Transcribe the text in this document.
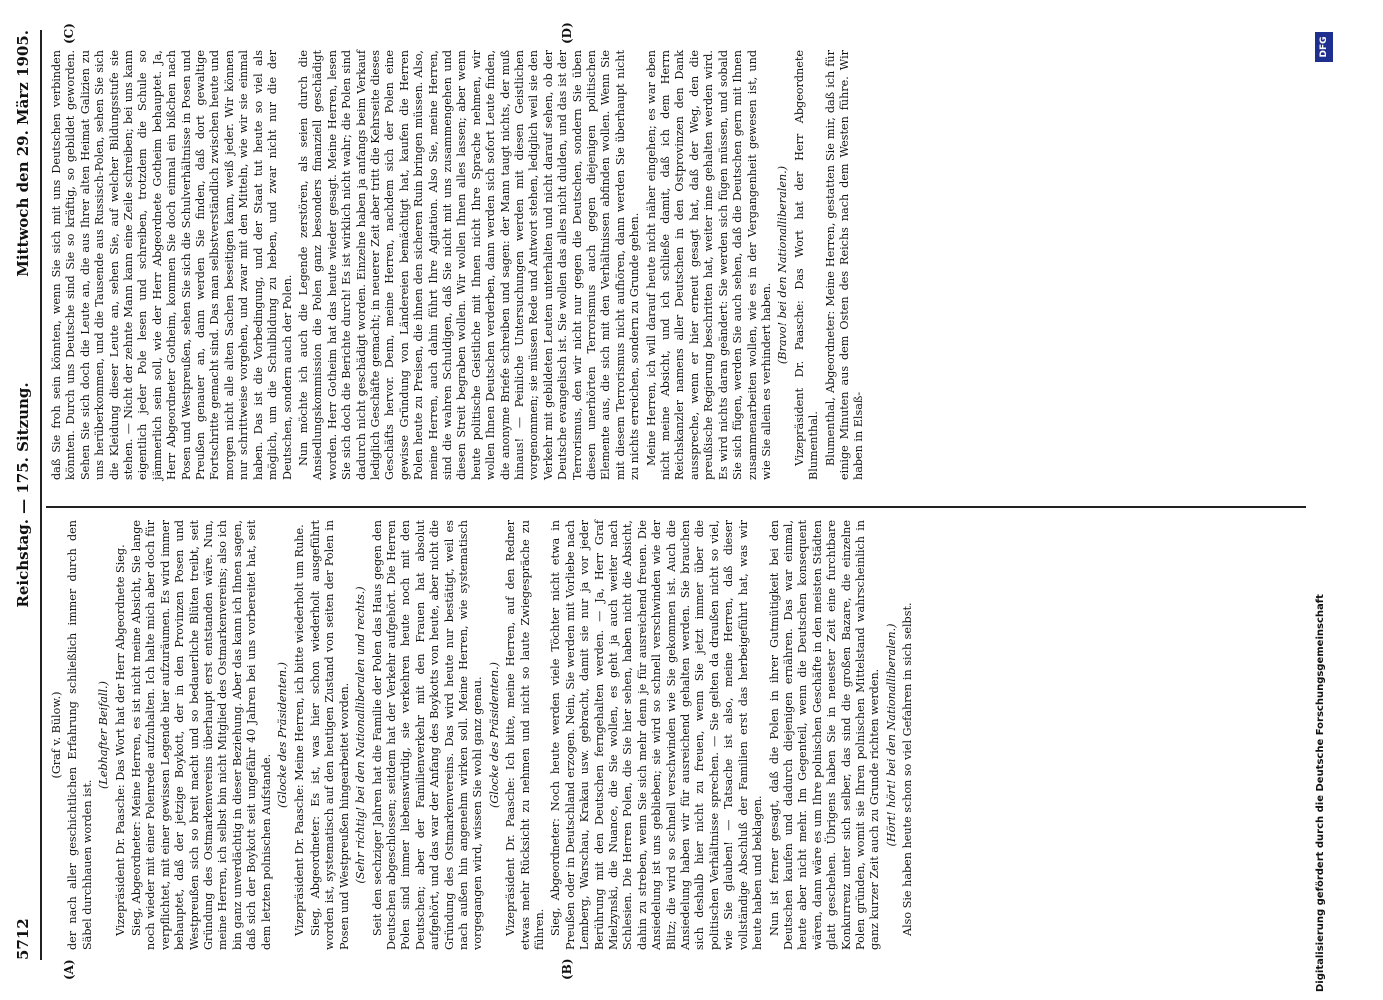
5712
Reichstag. — 175. Sitzung.
Mittwoch den 29. März 1905.
(A)	(B)
(C)	(D)

(Graf v. Bülow.) der nach aller geschichtlichen Erfahrung schließlich immer durch den Säbel durchhauen worden ist.

(Lebhafter Beifall.) Vizepräsident Dr. Paasche: Das Wort hat der Herr Abgeordnete Sieg. Sieg, Abgeordneter: Meine Herren, es ist nicht meine Absicht, Sie lange noch wieder mit einer Polenrede aufzuhalten. Ich halte mich aber doch für verpflichtet, mit einer gewissen Legende hier aufzuräumen. Es wird immer behauptet, daß der jetzige Boykott, der in den Provinzen Posen und Westpreußen sich so breit macht und so bedauerliche Blüten treibt, seit Gründung des Ostmarkenvereins überhaupt erst entstanden wäre. Nun, meine Herren, ich selbst bin nicht Mitglied des Ostmarkenvereins; also ich bin ganz unverdächtig in dieser Beziehung. Aber das kann ich Ihnen sagen, daß sich der Boykott seit ungefähr 40 Jahren bei uns vorbereitet hat, seit dem letzten polnischen Aufstande.

(Glocke des Präsidenten.) Vizepräsident Dr. Paasche: Meine Herren, ich bitte wiederholt um Ruhe. Sieg, Abgeordneter: Es ist, was hier schon wiederholt ausgeführt worden ist, systematisch auf den heutigen Zustand von seiten der Polen in Posen und Westpreußen hingearbeitet worden. (Sehr richtig! bei den Nationalliberalen und rechts.) Seit den sechziger Jahren hat die Familie der Polen das Haus gegen den Deutschen abgeschlossen; seitdem hat der Verkehr aufgehört. Die Herren Polen sind immer liebenswürdig, sie verkehren heute noch mit den Deutschen; aber der Familienverkehr mit den Frauen hat absolut aufgehört, und das war der Anfang des Boykotts von heute, aber nicht die Gründung des Ostmarkenvereins. Das wird heute nur bestätigt, weil es nach außen hin angenehm wirken soll. Meine Herren, wie systematisch vorgegangen wird, wissen Sie wohl ganz genau. (Glocke des Präsidenten.) Vizepräsident Dr. Paasche: Ich bitte, meine Herren, auf den Redner etwas mehr Rücksicht zu nehmen und nicht so laute Zwiegespräche zu führen. Sieg, Abgeordneter: Noch heute werden viele Töchter nicht etwa in Preußen oder in Deutschland erzogen. Nein, Sie werden mit Vorliebe nach Lemberg, Warschau, Krakau usw. gebracht, damit sie nur ja vor jeder Berührung mit den Deutschen ferngehalten werden. — Ja, Herr Graf Mielzynski, die Nuance, die Sie wollen, es geht ja auch weiter nach Schlesien. Die Herren Polen, die Sie hier sehen, haben nicht die Absicht, dahin zu streben, wenn Sie sich mehr denn je für ausreichend freuen. Die Ansiedelung ist uns geblieben; sie wird so schnell verschwinden wie der Blitz; die wird so schnell verschwinden wie Sie gekommen ist. Auch die Ansiedelung haben wir für ausreichend gehalten werden. Sie brauchen sich deshalb hier nicht zu freuen, wenn Sie jetzt immer über die politischen Verhältnisse sprechen. — Sie gelten da draußen nicht so viel, wie Sie glauben! — Tatsache ist also, meine Herren, daß dieser vollständige Abschluß der Familien erst das herbeigeführt hat, was wir heute haben und beklagen. Nun ist ferner gesagt, daß die Polen in ihrer Gutmütigkeit bei den Deutschen kaufen und dadurch diejenigen ernähren. Das war einmal, heute aber nicht mehr. Im Gegenteil, wenn die Deutschen konsequent wären, dann wäre es um Ihre polnischen Geschäfte in den meisten Städten glatt geschehen. Übrigens haben Sie in neuester Zeit eine furchtbare Konkurrenz unter sich selber, das sind die großen Bazare, die einzelne Polen gründen, womit sie Ihren polnischen Mittelstand wahrscheinlich in ganz kurzer Zeit auch zu Grunde richten werden. (Hört! hört! bei den Nationalliberalen.) Also Sie haben heute schon so viel Gefahren in sich selbst.

daß Sie froh sein könnten, wenn Sie sich mit uns Deutschen verbinden könnten. Durch uns Deutsche sind Sie so kräftig, so gebildet geworden. Sehen Sie sich doch die Leute an, die aus Ihrer alten Heimat Galizien zu uns herüberkommen, und die Tausende aus Russisch-Polen, sehen Sie sich die Kleidung dieser Leute an, sehen Sie, auf welcher Bildungsstufe sie stehen. — Nicht der zehnte Mann kann eine Zeile schreiben; bei uns kann eigentlich jeder Pole lesen und schreiben, trotzdem die Schule so jämmerlich sein soll, wie der Herr Abgeordnete Gotheim behauptet. Ja, Herr Abgeordneter Gotheim, kommen Sie doch einmal ein bißchen nach Posen und Westpreußen, sehen Sie sich die Schulverhältnisse in Posen und Preußen genauer an, dann werden Sie finden, daß dort gewaltige Fortschritte gemacht sind. Das man selbstverständlich zwischen heute und morgen nicht alle alten Sachen beseitigen kann, weiß jeder. Wir können nur schrittweise vorgehen, und zwar mit den Mitteln, wie wir sie einmal haben. Das ist die Vorbedingung, und der Staat tut heute so viel als möglich, um die Schulbildung zu heben, und zwar nicht nur die der Deutschen, sondern auch der Polen. Nun möchte ich auch die Legende zerstören, als seien durch die Ansiedlungskommission die Polen ganz besonders finanziell geschädigt worden. Herr Gotheim hat das heute wieder gesagt. Meine Herren, lesen Sie sich doch die Berichte durch! Es ist wirklich nicht wahr; die Polen sind dadurch nicht geschädigt worden. Einzelne haben ja anfangs beim Verkauf lediglich Geschäfte gemacht; in neuerer Zeit aber tritt die Kehrseite dieses Geschäfts hervor. Denn, meine Herren, nachdem sich der Polen eine gewisse Gründung von Ländereien bemächtigt hat, kaufen die Herren Polen heute zu Preisen, die ihnen den sicheren Ruin bringen müssen. Also, meine Herren, auch dahin führt Ihre Agitation. Also Sie, meine Herren, sind die wahren Schuldigen, daß Sie nicht mit uns zusammengehen und diesen Streit begraben wollen. Wir wollen Ihnen alles lassen; aber wenn heute politische Geistliche mit Ihnen nicht Ihre Sprache nehmen, wir wollen Ihnen Deutschen verderben, dann werden sich sofort Leute finden, die anonyme Briefe schreiben und sagen: der Mann taugt nichts, der muß hinaus! — Peinliche Untersuchungen werden mit diesen Geistlichen vorgenommen; sie müssen Rede und Antwort stehen, lediglich weil sie den Verkehr mit gebildeten Leuten unterhalten und nicht darauf sehen, ob der Deutsche evangelisch ist. Sie wollen das alles nicht dulden, und das ist der Terrorismus, den wir nicht nur gegen die Deutschen, sondern Sie üben diesen unerhörten Terrorismus auch gegen diejenigen politischen Elemente aus, die sich mit den Verhältnissen abfinden wollen. Wenn Sie mit diesem Terrorismus nicht aufhören, dann werden Sie überhaupt nicht zu nichts erreichen, sondern zu Grunde gehen. Meine Herren, ich will darauf heute nicht näher eingehen; es war eben nicht meine Absicht, und ich schließe damit, daß ich dem Herrn Reichskanzler namens aller Deutschen in den Ostprovinzen den Dank ausspreche, wenn er hier erneut gesagt hat, daß der Weg, den die preußische Regierung beschritten hat, weiter inne gehalten werden wird. Es wird nichts daran geändert: Sie werden sich fügen müssen, und sobald Sie sich fügen, werden Sie auch sehen, daß die Deutschen gern mit Ihnen zusammenarbeiten wollen, wie es in der Vergangenheit gewesen ist, und wie Sie allein es verhindert haben.

(Bravo! bei den Nationalliberalen.) Vizepräsident Dr. Paasche: Das Wort hat der Herr Abgeordnete Blumenthal. Blumenthal, Abgeordneter: Meine Herren, gestatten Sie mir, daß ich für einige Minuten aus dem Osten des Reichs nach dem Westen führe. Wir haben in Elsaß-

Digitalisierung gefördert durch die Deutsche Forschungsgemeinschaft
DFG
